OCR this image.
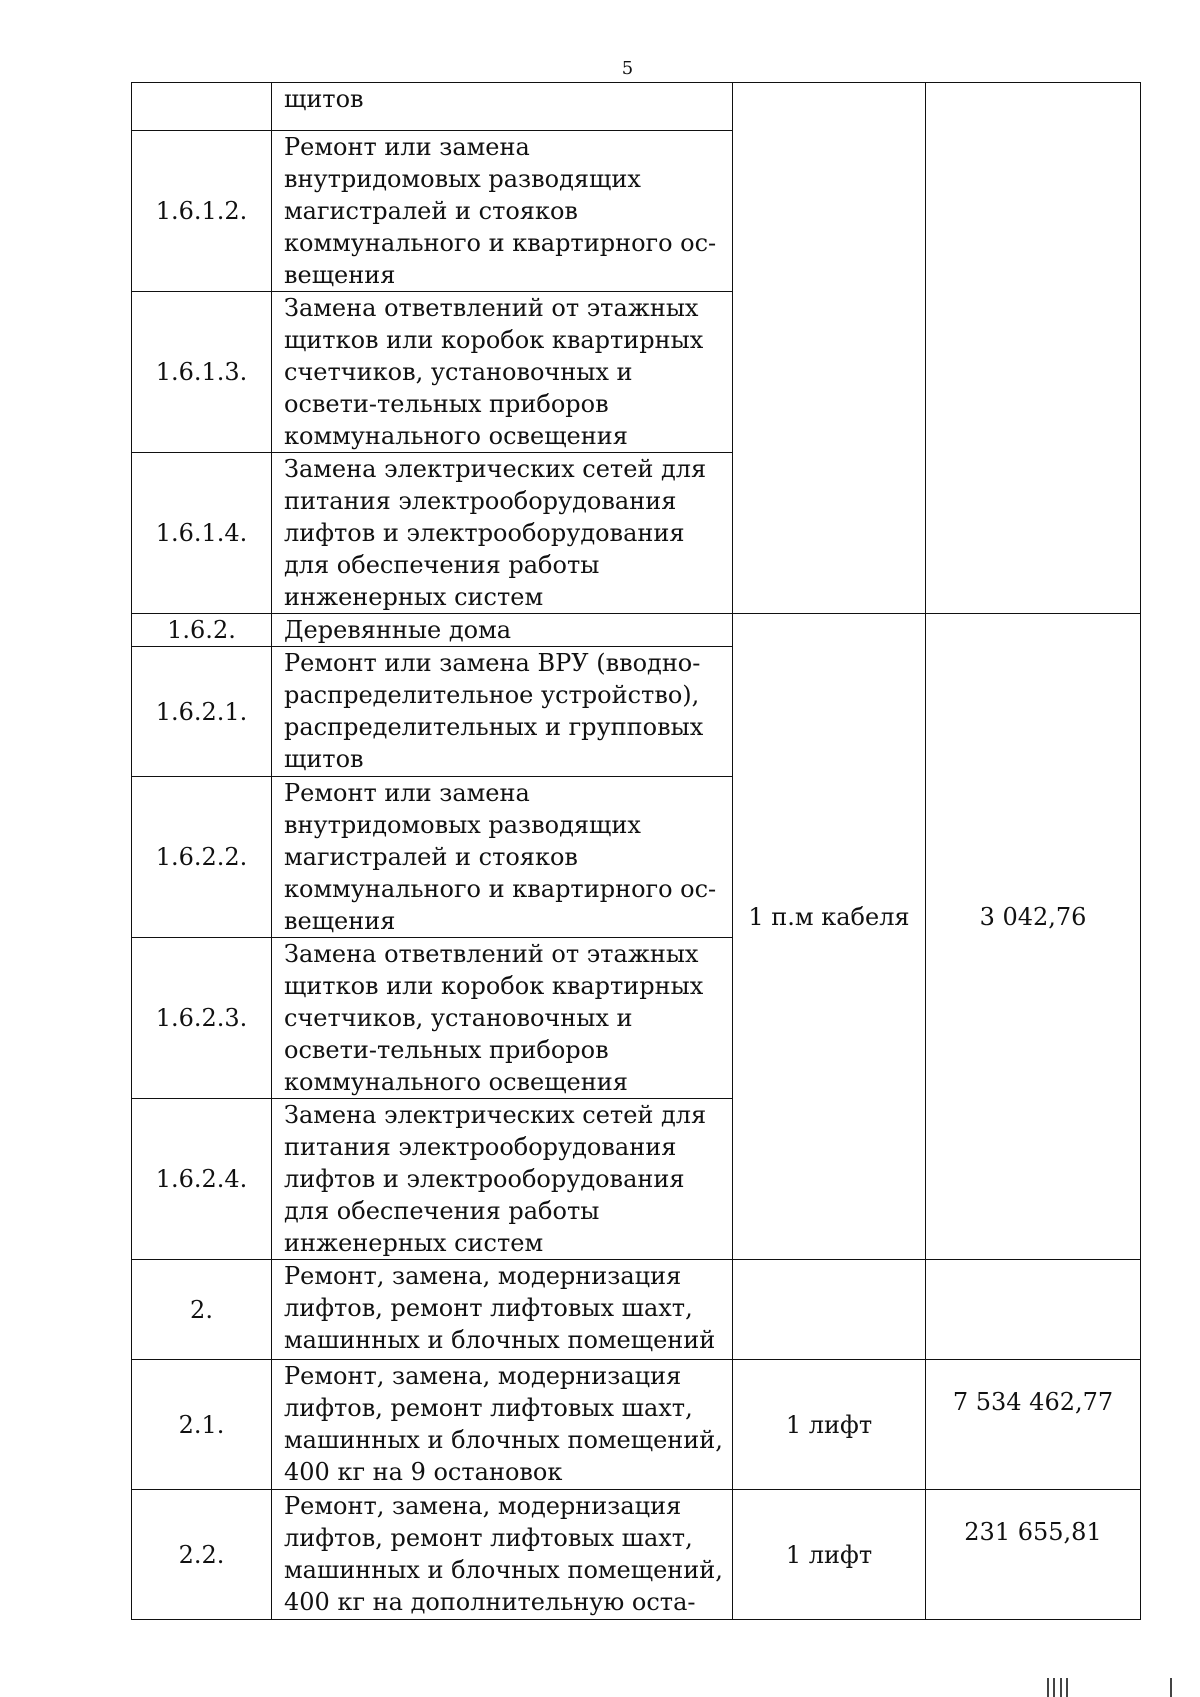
5
	щитов		
1.6.1.2.	Ремонт или замена внутридомовых разводящих магистралей и стояков коммунального и квартирного ос-вещения		
1.6.1.3.	Замена ответвлений от этажных щитков или коробок квартирных счетчиков, установочных и освети-тельных приборов коммунального освещения		
1.6.1.4.	Замена электрических сетей для питания электрооборудования лифтов и электрооборудования для обеспечения работы инженерных систем		
1.6.2.	Деревянные дома	1 п.м кабеля	3 042,76
1.6.2.1.	Ремонт или замена ВРУ (вводно-распределительное устройство), распределительных и групповых щитов		
1.6.2.2.	Ремонт или замена внутридомовых разводящих магистралей и стояков коммунального и квартирного ос-вещения		
1.6.2.3.	Замена ответвлений от этажных щитков или коробок квартирных счетчиков, установочных и освети-тельных приборов коммунального освещения		
1.6.2.4.	Замена электрических сетей для питания электрооборудования лифтов и электрооборудования для обеспечения работы инженерных систем		
2.	Ремонт, замена, модернизация лифтов, ремонт лифтовых шахт, машинных и блочных помещений		
2.1.	Ремонт, замена, модернизация лифтов, ремонт лифтовых шахт, машинных и блочных помещений, 400 кг на 9 остановок	1 лифт	7 534 462,77
2.2.	Ремонт, замена, модернизация лифтов, ремонт лифтовых шахт, машинных и блочных помещений, 400 кг на дополнительную оста-	1 лифт	231 655,81
